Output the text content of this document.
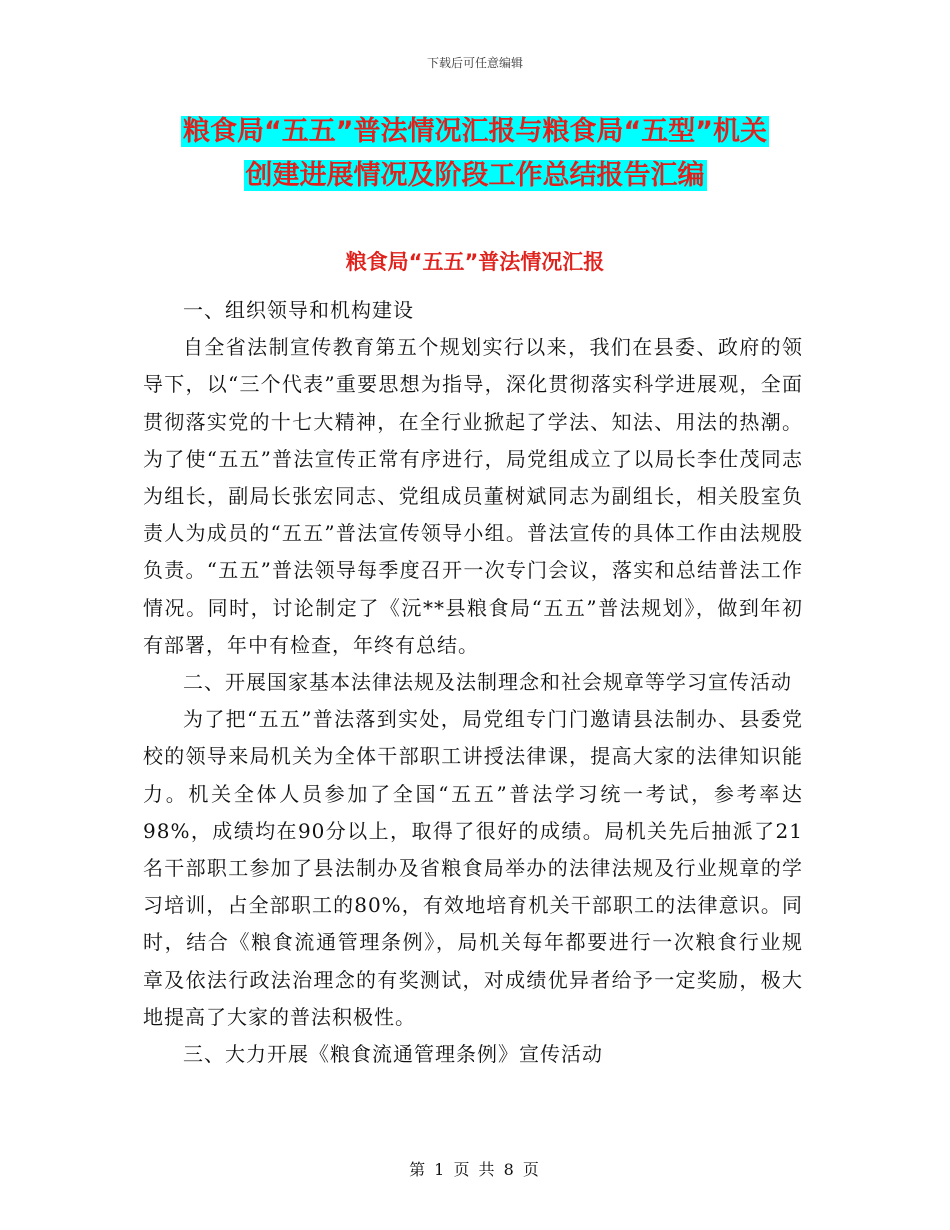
下载后可任意编辑
粮食局“五五”普法情况汇报与粮食局“五型”机关
创建进展情况及阶段工作总结报告汇编
粮食局“五五”普法情况汇报

一、组织领导和机构建设

自全省法制宣传教育第五个规划实行以来，我们在县委、政府的领导下，以“三个代表”重要思想为指导，深化贯彻落实科学进展观，全面贯彻落实党的十七大精神，在全行业掀起了学法、知法、用法的热潮。为了使“五五”普法宣传正常有序进行，局党组成立了以局长李仕茂同志为组长，副局长张宏同志、党组成员董树斌同志为副组长，相关股室负责人为成员的“五五”普法宣传领导小组。普法宣传的具体工作由法规股负责。“五五”普法领导每季度召开一次专门会议，落实和总结普法工作情况。同时，讨论制定了《沅**县粮食局“五五”普法规划》，做到年初有部署，年中有检查，年终有总结。

二、开展国家基本法律法规及法制理念和社会规章等学习宣传活动

为了把“五五”普法落到实处，局党组专门门邀请县法制办、县委党校的领导来局机关为全体干部职工讲授法律课，提高大家的法律知识能力。机关全体人员参加了全国“五五”普法学习统一考试，参考率达98%，成绩均在90分以上，取得了很好的成绩。局机关先后抽派了21名干部职工参加了县法制办及省粮食局举办的法律法规及行业规章的学习培训，占全部职工的80%，有效地培育机关干部职工的法律意识。同时，结合《粮食流通管理条例》，局机关每年都要进行一次粮食行业规章及依法行政法治理念的有奖测试，对成绩优异者给予一定奖励，极大地提高了大家的普法积极性。

三、大力开展《粮食流通管理条例》宣传活动

第 1 页 共 8 页
